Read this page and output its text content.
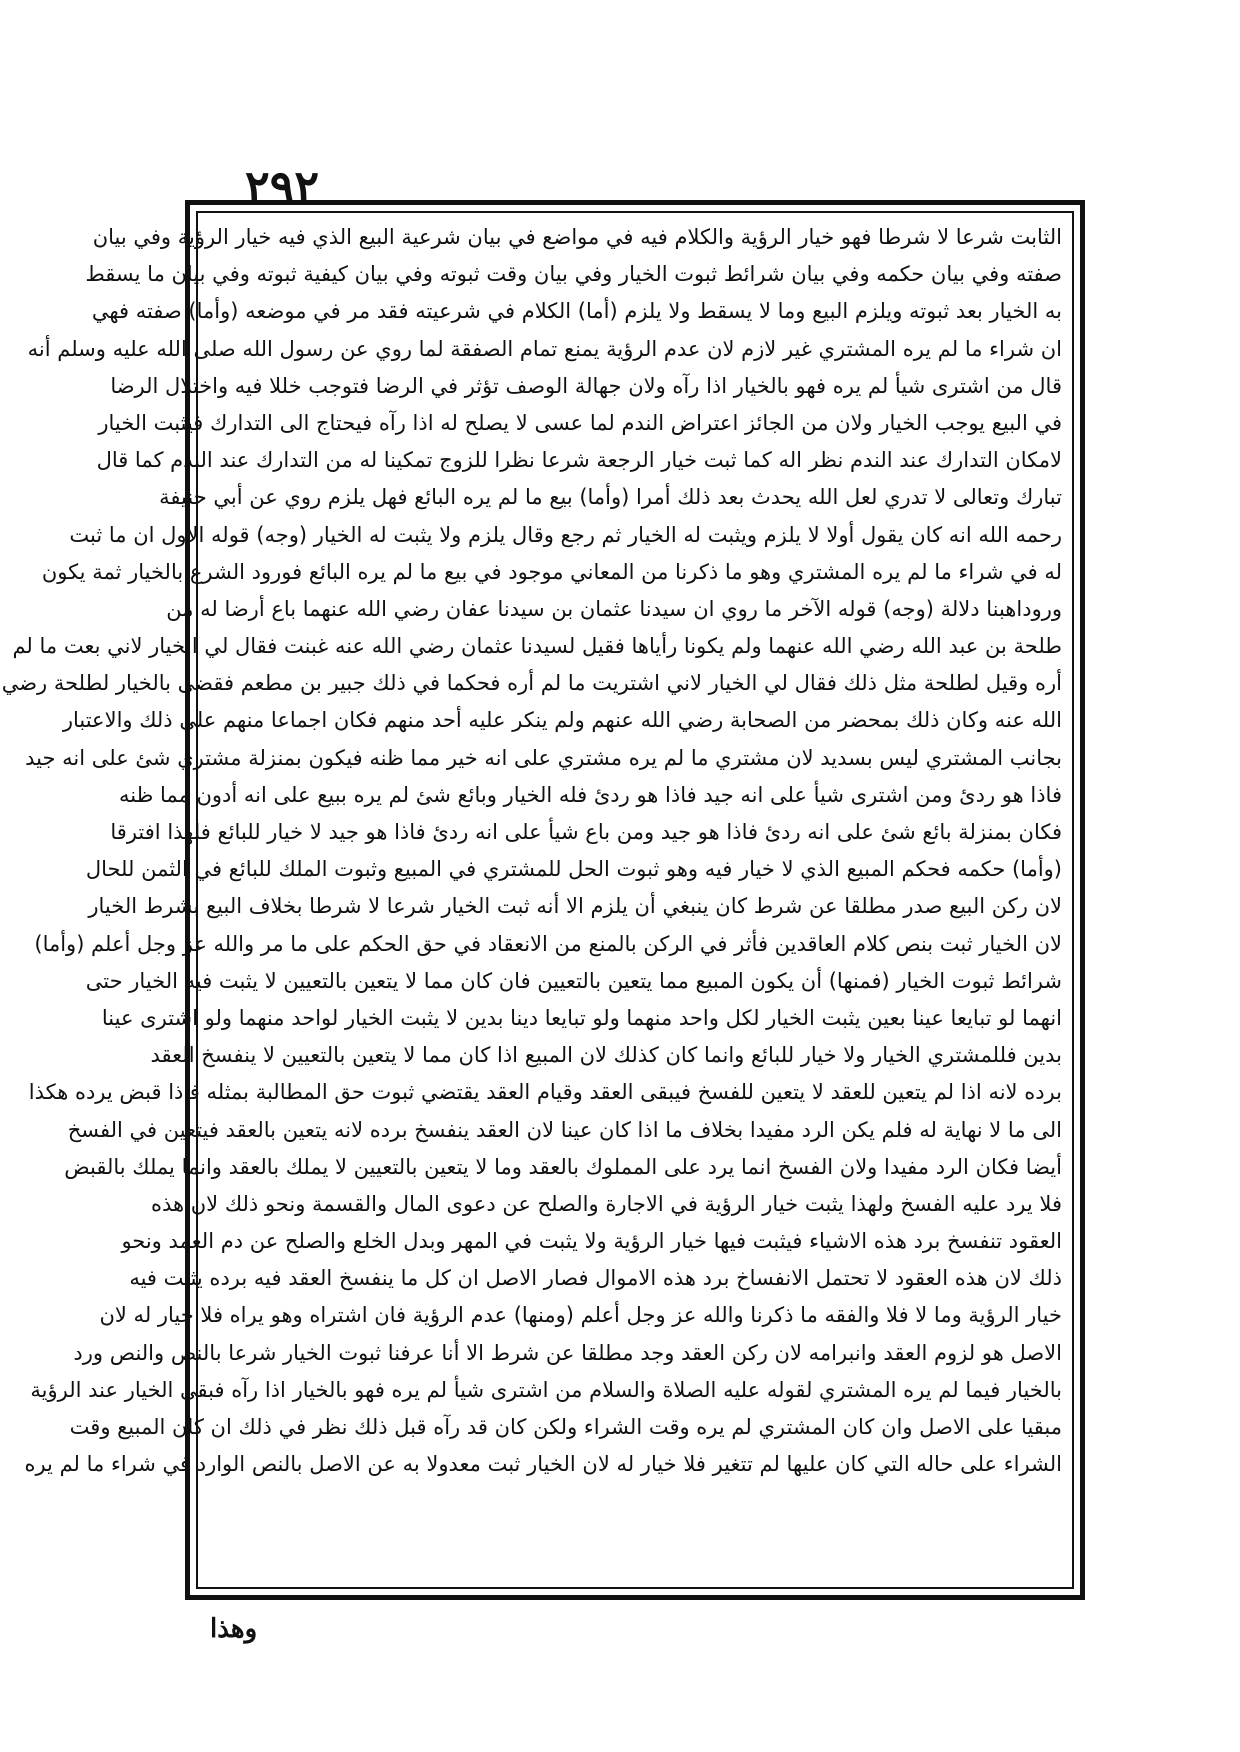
٢٩٢
الثابت شرعا لا شرطا فهو خيار الرؤية والكلام فيه في مواضع في بيان شرعية البيع الذي فيه خيار الرؤية وفي بيان
صفته وفي بيان حكمه وفي بيان شرائط ثبوت الخيار وفي بيان وقت ثبوته وفي بيان كيفية ثبوته وفي بيان ما يسقط
به الخيار بعد ثبوته ويلزم البيع وما لا يسقط ولا يلزم (أما) الكلام في شرعيته فقد مر في موضعه (وأما) صفته فهي
ان شراء ما لم يره المشتري غير لازم لان عدم الرؤية يمنع تمام الصفقة لما روي عن رسول الله صلى الله عليه وسلم أنه
قال من اشترى شيأ لم يره فهو بالخيار اذا رآه ولان جهالة الوصف تؤثر في الرضا فتوجب خللا فيه واختلال الرضا
في البيع يوجب الخيار ولان من الجائز اعتراض الندم لما عسى لا يصلح له اذا رآه فيحتاج الى التدارك فيثبت الخيار
لامكان التدارك عند الندم نظر اله كما ثبت خيار الرجعة شرعا نظرا للزوج تمكينا له من التدارك عند الندم كما قال
تبارك وتعالى لا تدري لعل الله يحدث بعد ذلك أمرا (وأما) بيع ما لم يره البائع فهل يلزم روي عن أبي حنيفة
رحمه الله انه كان يقول أولا لا يلزم ويثبت له الخيار ثم رجع وقال يلزم ولا يثبت له الخيار (وجه) قوله الاول ان ما ثبت
له في شراء ما لم يره المشتري وهو ما ذكرنا من المعاني موجود في بيع ما لم يره البائع فورود الشرع بالخيار ثمة يكون
وروداهبنا دلالة (وجه) قوله الآخر ما روي ان سيدنا عثمان بن سيدنا عفان رضي الله عنهما باع أرضا له من
طلحة بن عبد الله رضي الله عنهما ولم يكونا رأياها فقيل لسيدنا عثمان رضي الله عنه غبنت فقال لي الخيار لاني بعت ما لم
أره وقيل لطلحة مثل ذلك فقال لي الخيار لاني اشتريت ما لم أره فحكما في ذلك جبير بن مطعم فقضى بالخيار لطلحة رضي
الله عنه وكان ذلك بمحضر من الصحابة رضي الله عنهم ولم ينكر عليه أحد منهم فكان اجماعا منهم على ذلك والاعتبار
بجانب المشتري ليس بسديد لان مشتري ما لم يره مشتري على انه خير مما ظنه فيكون بمنزلة مشتري شئ على انه جيد
فاذا هو ردئ ومن اشترى شيأ على انه جيد فاذا هو ردئ فله الخيار وبائع شئ لم يره ببيع على انه أدون مما ظنه
فكان بمنزلة بائع شئ على انه ردئ فاذا هو جيد ومن باع شيأ على انه ردئ فاذا هو جيد لا خيار للبائع فلهذا افترقا
(وأما) حكمه فحكم المبيع الذي لا خيار فيه وهو ثبوت الحل للمشتري في المبيع وثبوت الملك للبائع في الثمن للحال
لان ركن البيع صدر مطلقا عن شرط كان ينبغي أن يلزم الا أنه ثبت الخيار شرعا لا شرطا بخلاف البيع بشرط الخيار
لان الخيار ثبت بنص كلام العاقدين فأثر في الركن بالمنع من الانعقاد في حق الحكم على ما مر والله عز وجل أعلم (وأما)
شرائط ثبوت الخيار (فمنها) أن يكون المبيع مما يتعين بالتعيين فان كان مما لا يتعين بالتعيين لا يثبت فيه الخيار حتى
انهما لو تبايعا عينا بعين يثبت الخيار لكل واحد منهما ولو تبايعا دينا بدين لا يثبت الخيار لواحد منهما ولو اشترى عينا
بدين فللمشتري الخيار ولا خيار للبائع وانما كان كذلك لان المبيع اذا كان مما لا يتعين بالتعيين لا ينفسخ العقد
برده لانه اذا لم يتعين للعقد لا يتعين للفسخ فيبقى العقد وقيام العقد يقتضي ثبوت حق المطالبة بمثله فاذا قبض يرده هكذا
الى ما لا نهاية له فلم يكن الرد مفيدا بخلاف ما اذا كان عينا لان العقد ينفسخ برده لانه يتعين بالعقد فيتعين في الفسخ
أيضا فكان الرد مفيدا ولان الفسخ انما يرد على المملوك بالعقد وما لا يتعين بالتعيين لا يملك بالعقد وانما يملك بالقبض
فلا يرد عليه الفسخ ولهذا يثبت خيار الرؤية في الاجارة والصلح عن دعوى المال والقسمة ونحو ذلك لان هذه
العقود تنفسخ برد هذه الاشياء فيثبت فيها خيار الرؤية ولا يثبت في المهر وبدل الخلع والصلح عن دم العمد ونحو
ذلك لان هذه العقود لا تحتمل الانفساخ برد هذه الاموال فصار الاصل ان كل ما ينفسخ العقد فيه برده يثبت فيه
خيار الرؤية وما لا فلا والفقه ما ذكرنا والله عز وجل أعلم (ومنها) عدم الرؤية فان اشتراه وهو يراه فلا خيار له لان
الاصل هو لزوم العقد وانبرامه لان ركن العقد وجد مطلقا عن شرط الا أنا عرفنا ثبوت الخيار شرعا بالنص والنص ورد
بالخيار فيما لم يره المشتري لقوله عليه الصلاة والسلام من اشترى شيأ لم يره فهو بالخيار اذا رآه فبقي الخيار عند الرؤية
مبقيا على الاصل وان كان المشتري لم يره وقت الشراء ولكن كان قد رآه قبل ذلك نظر في ذلك ان كان المبيع وقت
الشراء على حاله التي كان عليها لم تتغير فلا خيار له لان الخيار ثبت معدولا به عن الاصل بالنص الوارد في شراء ما لم يره
وهذا
